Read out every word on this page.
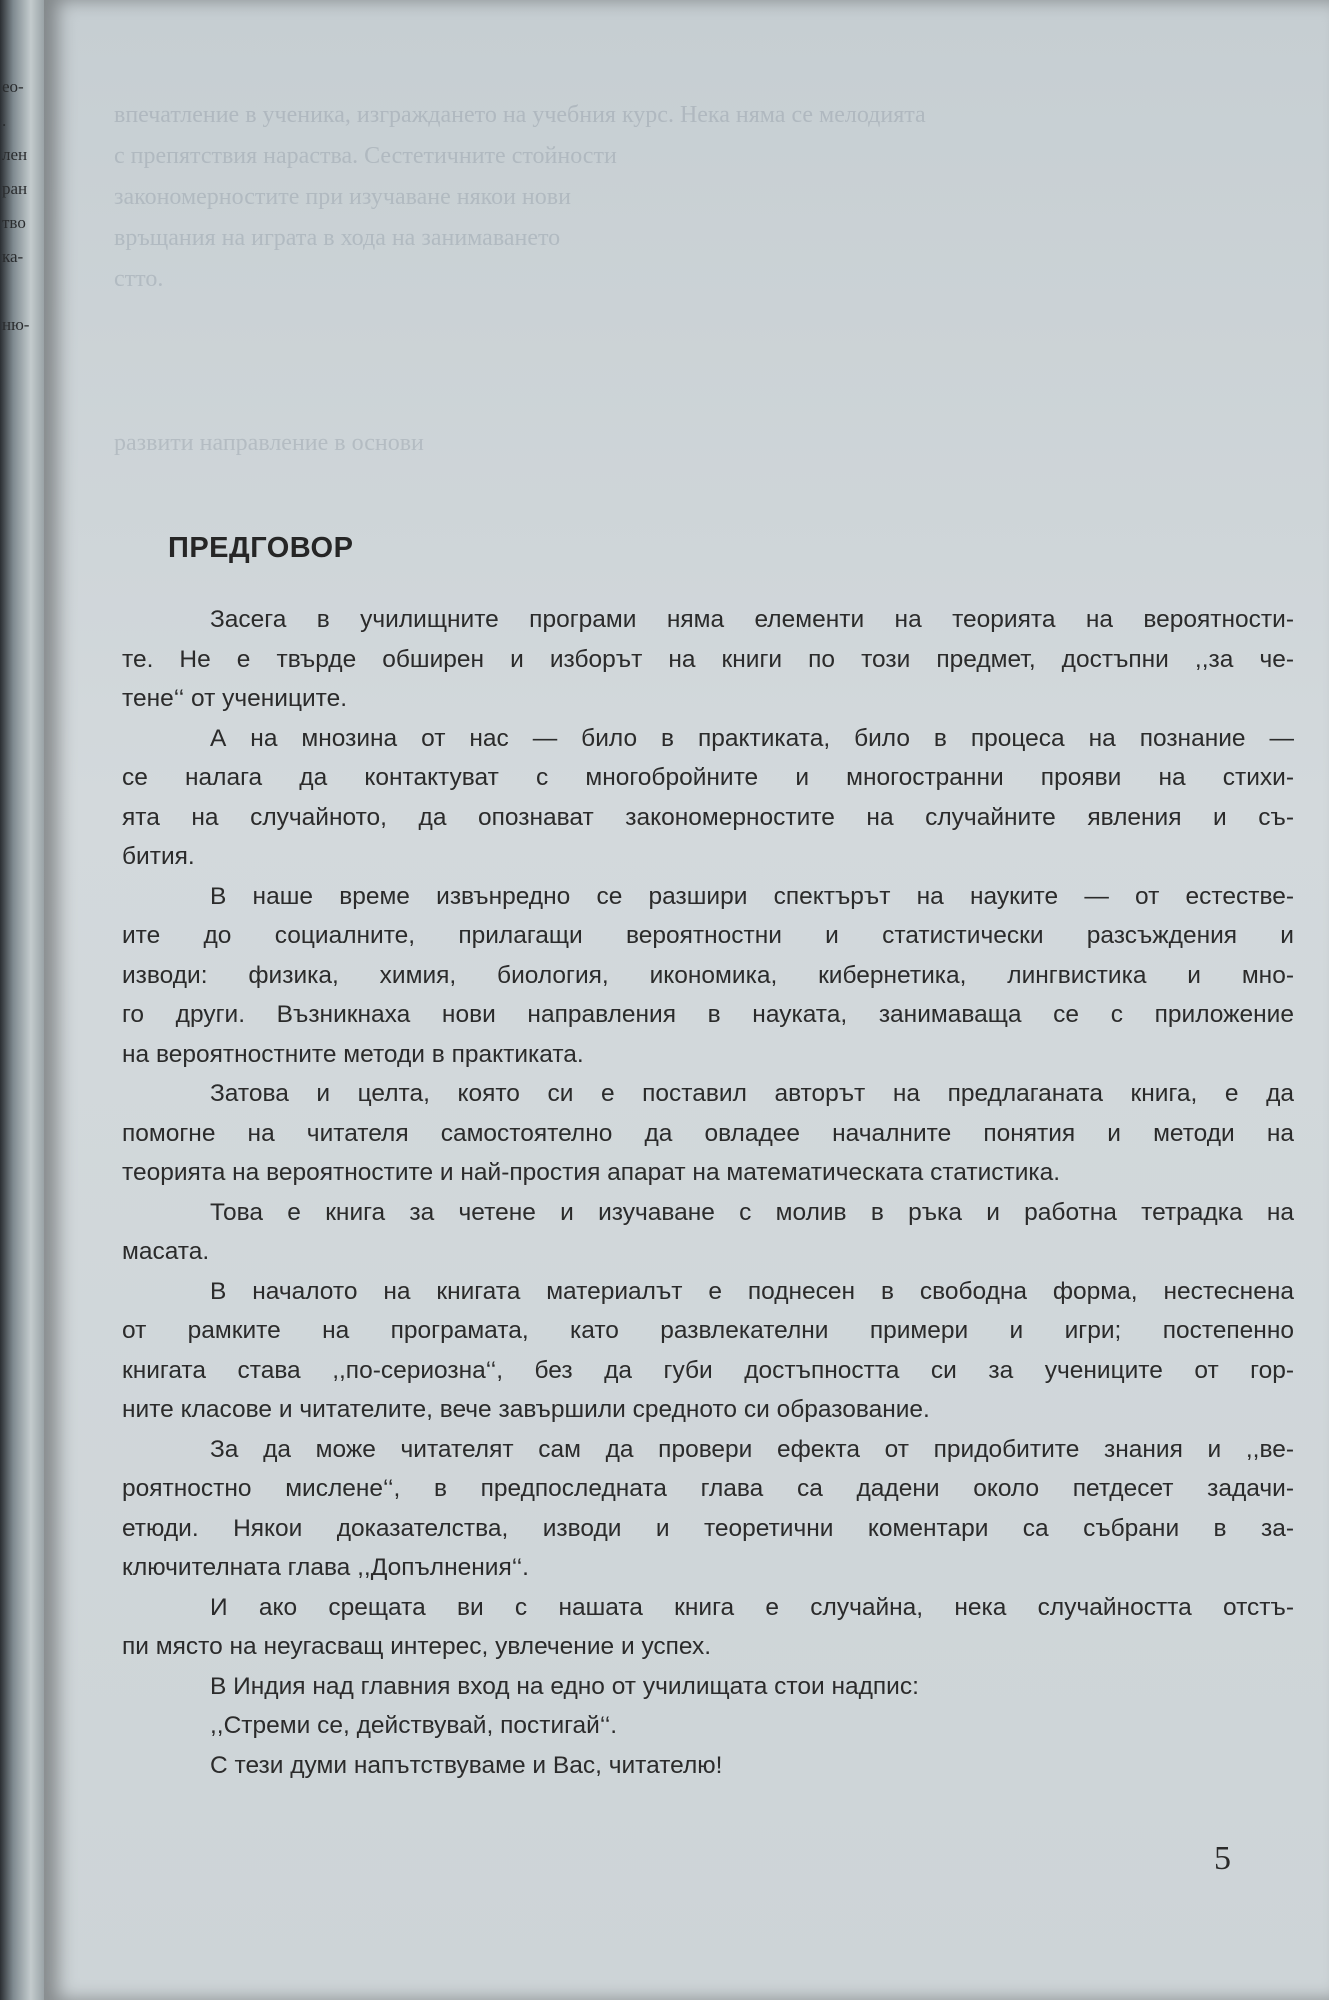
ео-
.
лен
ран
тво
ка-

ню-
впечатление в ученика, изграждането на учебния курс. Нека няма се мелодията
с препятствия нараства. Сестетичните стойности
закономерностите при изучаване някои нови
връщания на играта в хода на занимаването
стто.

развити направление в основи
ПРЕДГОВОР
Засега в училищните програми няма елементи на теорията на вероятности-
те. Не е твърде обширен и изборът на книги по този предмет, достъпни ,,за че-
тене‘‘ от учениците.
А на мнозина от нас — било в практиката, било в процеса на познание —
се налага да контактуват с многобройните и многостранни прояви на стихи-
ята на случайното, да опознават закономерностите на случайните явления и съ-
бития.
В наше време извънредно се разшири спектърът на науките — от естестве-
ите до социалните, прилагащи вероятностни и статистически разсъждения и
изводи: физика, химия, биология, икономика, кибернетика, лингвистика и мно-
го други. Възникнаха нови направления в науката, занимаваща се с приложение
на вероятностните методи в практиката.
Затова и целта, която си е поставил авторът на предлаганата книга, е да
помогне на читателя самостоятелно да овладее началните понятия и методи на
теорията на вероятностите и най-простия апарат на математическата статистика.
Това е книга за четене и изучаване с молив в ръка и работна тетрадка на
масата.
В началото на книгата материалът е поднесен в свободна форма, нестеснена
от рамките на програмата, като развлекателни примери и игри; постепенно
книгата става ,,по-сериозна‘‘, без да губи достъпността си за учениците от гор-
ните класове и читателите, вече завършили средното си образование.
За да може читателят сам да провери ефекта от придобитите знания и ,,ве-
роятностно мислене‘‘, в предпоследната глава са дадени около петдесет задачи-
етюди. Някои доказателства, изводи и теоретични коментари са събрани в за-
ключителната глава ,,Допълнения‘‘.
И ако срещата ви с нашата книга е случайна, нека случайността отстъ-
пи място на неугасващ интерес, увлечение и успех.
В Индия над главния вход на едно от училищата стои надпис:
,,Стреми се, действувай, постигай‘‘.
С тези думи напътствуваме и Вас, читателю!
5
